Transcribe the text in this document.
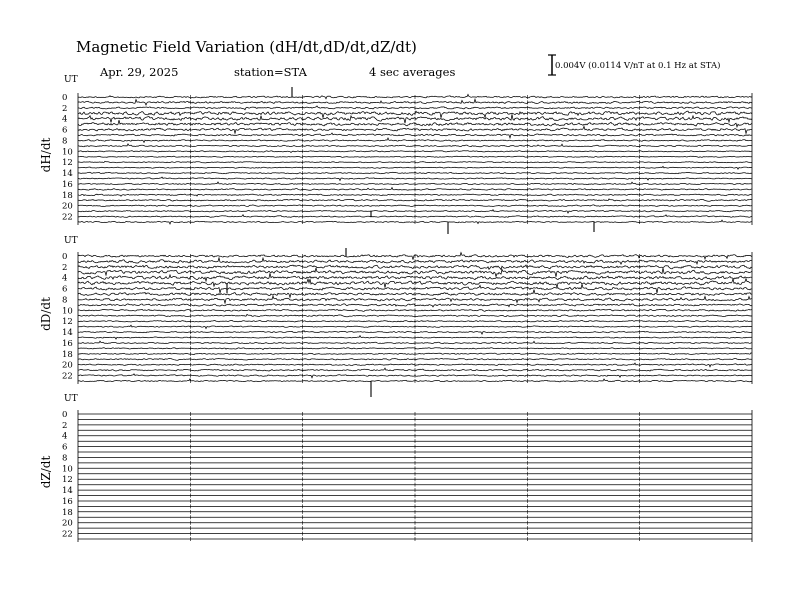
Magnetic Field Variation (dH/dt,dD/dt,dZ/dt)
Apr. 29, 2025	station=STA	4 sec averages	0.004V (0.0114 V/nT at 0.1 Hz at STA)
UT
dH/dt
0
2
4
6
8
10
12
14
16
18
20
22
UT
dD/dt
0
2
4
6
8
10
12
14
16
18
20
22
UT
dZ/dt
0
2
4
6
8
10
12
14
16
18
20
22
